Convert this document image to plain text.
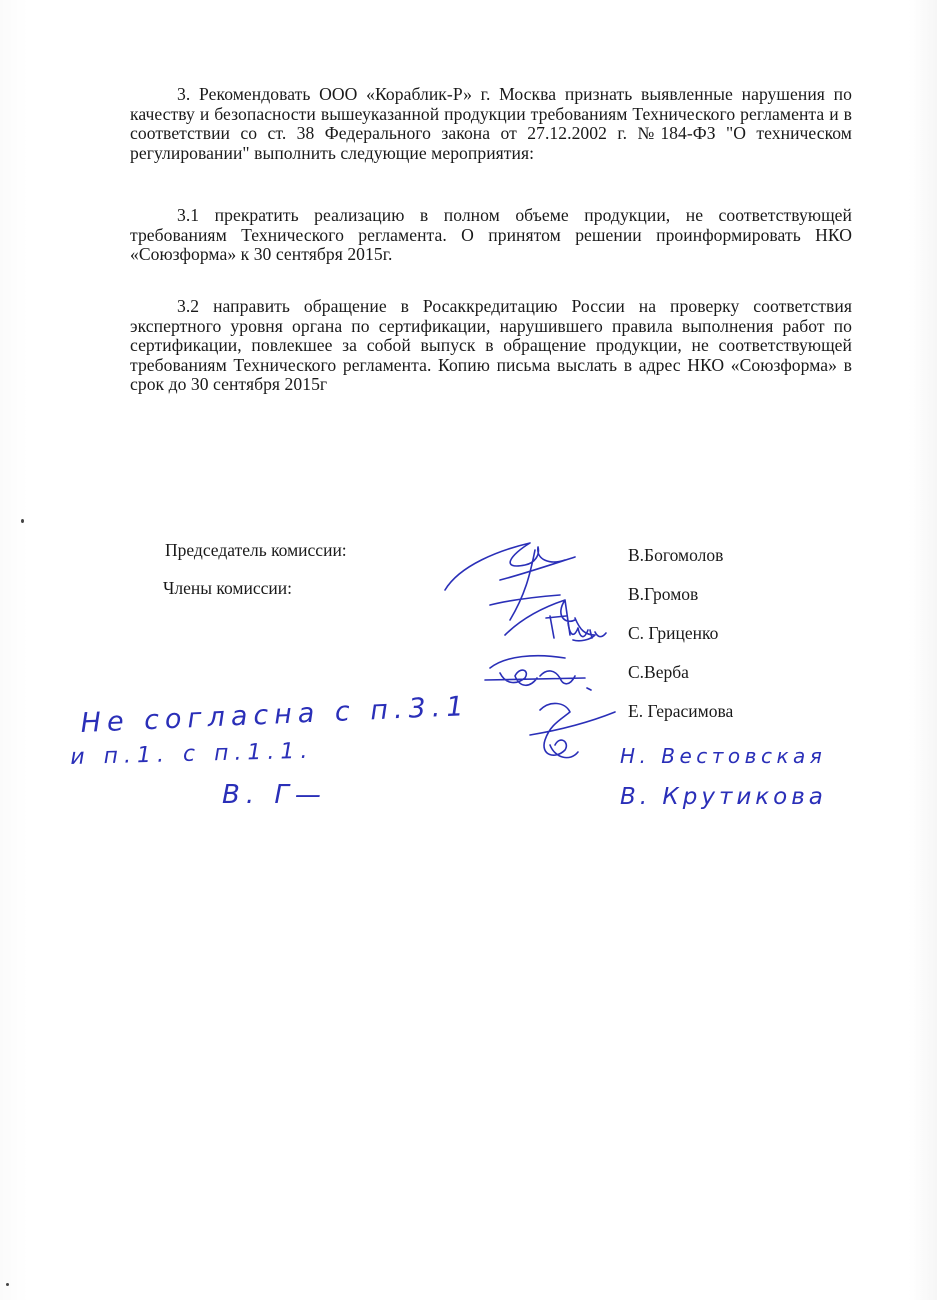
3. Рекомендовать ООО «Кораблик-Р» г. Москва признать выявленные нарушения по качеству и безопасности вышеуказанной продукции требованиям Технического регламента и в соответствии со ст. 38 Федерального закона от 27.12.2002 г. №184-ФЗ "О техническом регулировании" выполнить следующие мероприятия:

3.1 прекратить реализацию в полном объеме продукции, не соответствующей требованиям Технического регламента. О принятом решении проинформировать НКО «Союзформа» к 30 сентября 2015г.

3.2 направить обращение в Росаккредитацию России на проверку соответствия экспертного уровня органа по сертификации, нарушившего правила выполнения работ по сертификации, повлекшее за собой выпуск в обращение продукции, не соответствующей требованиям Технического регламента. Копию письма выслать в адрес НКО «Союзформа» в срок до 30 сентября 2015г

Председатель комиссии:
Члены комиссии:
В.Богомолов
В.Громов
С. Гриценко
С.Верба
Е. Герасимова
Не согласна с п.3.1
и п.1. с п.1.1.
В. Г—
Н. Вестовская
В. Крутикова
